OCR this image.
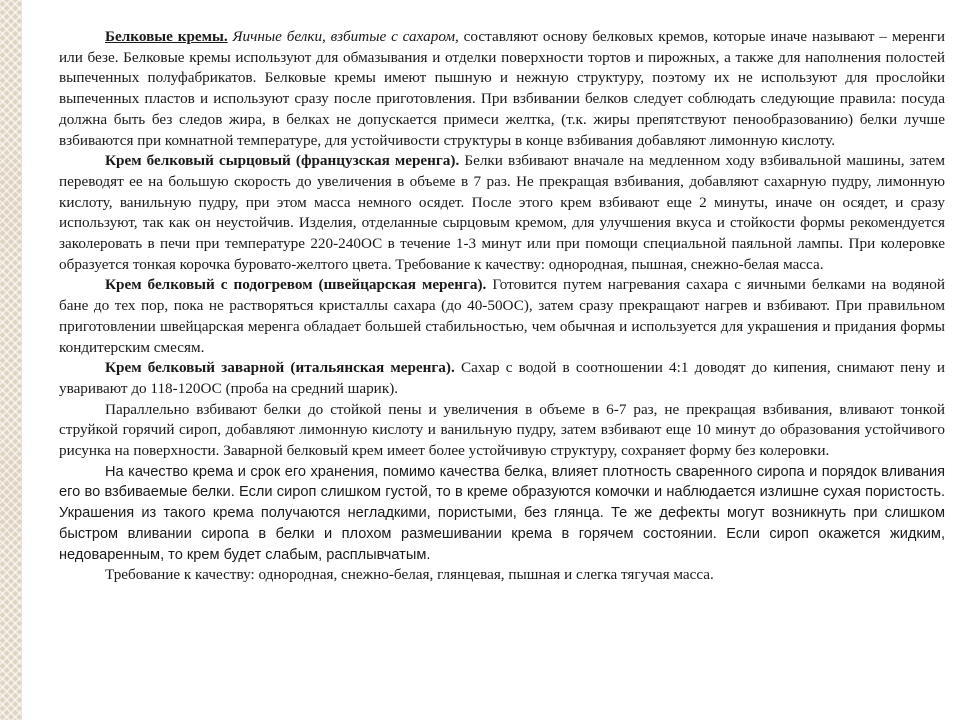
Белковые кремы. Яичные белки, взбитые с сахаром, составляют основу белковых кремов, которые иначе называют – меренги или безе. Белковые кремы используют для обмазывания и отделки поверхности тортов и пирожных, а также для наполнения полостей выпеченных полуфабрикатов. Белковые кремы имеют пышную и нежную структуру, поэтому их не используют для прослойки выпеченных пластов и используют сразу после приготовления. При взбивании белков следует соблюдать следующие правила: посуда должна быть без следов жира, в белках не допускается примеси желтка, (т.к. жиры препятствуют пенообразованию) белки лучше взбиваются при комнатной температуре, для устойчивости структуры в конце взбивания добавляют лимонную кислоту.

Крем белковый сырцовый (французская меренга). Белки взбивают вначале на медленном ходу взбивальной машины, затем переводят ее на большую скорость до увеличения в объеме в 7 раз. Не прекращая взбивания, добавляют сахарную пудру, лимонную кислоту, ванильную пудру, при этом масса немного осядет. После этого крем взбивают еще 2 минуты, иначе он осядет, и сразу используют, так как он неустойчив. Изделия, отделанные сырцовым кремом, для улучшения вкуса и стойкости формы рекомендуется заколеровать в печи при температуре 220-240ОС в течение 1-3 минут или при помощи специальной паяльной лампы. При колеровке образуется тонкая корочка буровато-желтого цвета. Требование к качеству: однородная, пышная, снежно-белая масса.

Крем белковый с подогревом (швейцарская меренга). Готовится путем нагревания сахара с яичными белками на водяной бане до тех пор, пока не растворяться кристаллы сахара (до 40-50ОС), затем сразу прекращают нагрев и взбивают. При правильном приготовлении швейцарская меренга обладает большей стабильностью, чем обычная и используется для украшения и придания формы кондитерским смесям.

Крем белковый заварной (итальянская меренга). Сахар с водой в соотношении 4:1 доводят до кипения, снимают пену и уваривают до 118-120ОС (проба на средний шарик).

Параллельно взбивают белки до стойкой пены и увеличения в объеме в 6-7 раз, не прекращая взбивания, вливают тонкой струйкой горячий сироп, добавляют лимонную кислоту и ванильную пудру, затем взбивают еще 10 минут до образования устойчивого рисунка на поверхности. Заварной белковый крем имеет более устойчивую структуру, сохраняет форму без колеровки.

На качество крема и срок его хранения, помимо качества белка, влияет плотность сваренного сиропа и порядок вливания его во взбиваемые белки. Если сироп слишком густой, то в креме образуются комочки и наблюдается излишне сухая пористость. Украшения из такого крема получаются негладкими, пористыми, без глянца. Те же дефекты могут возникнуть при слишком быстром вливании сиропа в белки и плохом размешивании крема в горячем состоянии. Если сироп окажется жидким, недоваренным, то крем будет слабым, расплывчатым.

Требование к качеству: однородная, снежно-белая, глянцевая, пышная и слегка тягучая масса.
